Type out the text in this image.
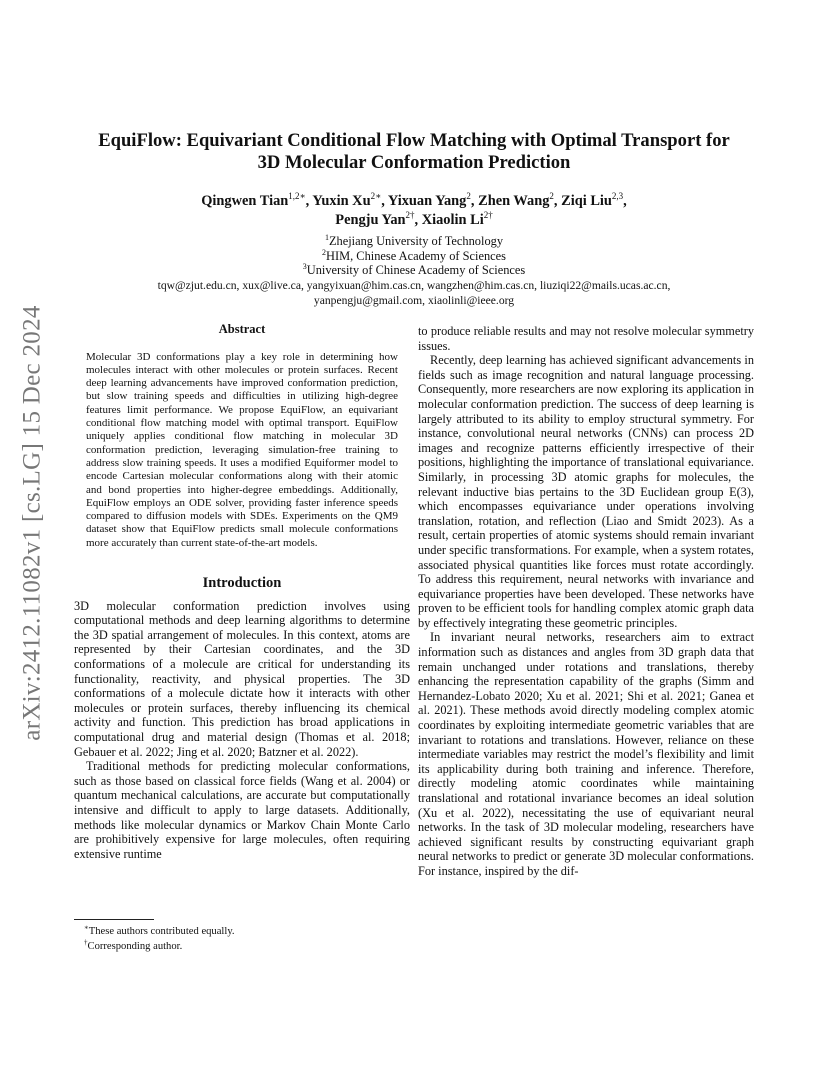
arXiv:2412.11082v1 [cs.LG] 15 Dec 2024
EquiFlow: Equivariant Conditional Flow Matching with Optimal Transport for
3D Molecular Conformation Prediction
Qingwen Tian$^{1,2∗}$, Yuxin $Xu^{2∗}$, Yixuan Yang$^2$, Zhen Wang$^2$, Ziqi Liu$^{2,3}$,
Pengju Yan$^{2\dagger}$, Xiaolin $Li^{2\dagger}$
$^1$Zhejiang University of Technology
$^2$HIM, Chinese Academy of Sciences
$^3$University of Chinese Academy of Sciences
tqw@zjut.edu.cn, xux@live.ca, yangyixuan@him.cas.cn, wangzhen@him.cas.cn, liuziqi22@mails.ucas.ac.cn,
yanpengju@gmail.com, xiaolinli@ieee.org
Abstract

Molecular 3D conformations play a key role in determining how molecules interact with other molecules or protein surfaces. Recent deep learning advancements have improved conformation prediction, but slow training speeds and difficulties in utilizing high-degree features limit performance. We propose EquiFlow, an equivariant conditional flow matching model with optimal transport. EquiFlow uniquely applies conditional flow matching in molecular 3D conformation prediction, leveraging simulation-free training to address slow training speeds. It uses a modified Equiformer model to encode Cartesian molecular conformations along with their atomic and bond properties into higher-degree embeddings. Additionally, EquiFlow employs an ODE solver, providing faster inference speeds compared to diffusion models with SDEs. Experiments on the QM9 dataset show that EquiFlow predicts small molecule conformations more accurately than current state-of-the-art models.

Introduction

3D molecular conformation prediction involves using computational methods and deep learning algorithms to determine the 3D spatial arrangement of molecules. In this context, atoms are represented by their Cartesian coordinates, and the 3D conformations of a molecule are critical for understanding its functionality, reactivity, and physical properties. The 3D conformations of a molecule dictate how it interacts with other molecules or protein surfaces, thereby influencing its chemical activity and function. This prediction has broad applications in computational drug and material design (Thomas et al. 2018; Gebauer et al. 2022; Jing et al. 2020; Batzner et al. 2022).

Traditional methods for predicting molecular conformations, such as those based on classical force fields (Wang et al. 2004) or quantum mechanical calculations, are accurate but computationally intensive and difficult to apply to large datasets. Additionally, methods like molecular dynamics or Markov Chain Monte Carlo are prohibitively expensive for large molecules, often requiring extensive runtime

to produce reliable results and may not resolve molecular symmetry issues.

Recently, deep learning has achieved significant advancements in fields such as image recognition and natural language processing. Consequently, more researchers are now exploring its application in molecular conformation prediction. The success of deep learning is largely attributed to its ability to employ structural symmetry. For instance, convolutional neural networks (CNNs) can process 2D images and recognize patterns efficiently irrespective of their positions, highlighting the importance of translational equivariance. Similarly, in processing 3D atomic graphs for molecules, the relevant inductive bias pertains to the 3D Euclidean group E(3), which encompasses equivariance under operations involving translation, rotation, and reflection (Liao and Smidt 2023). As a result, certain properties of atomic systems should remain invariant under specific transformations. For example, when a system rotates, associated physical quantities like forces must rotate accordingly. To address this requirement, neural networks with invariance and equivariance properties have been developed. These networks have proven to be efficient tools for handling complex atomic graph data by effectively integrating these geometric principles.

In invariant neural networks, researchers aim to extract information such as distances and angles from 3D graph data that remain unchanged under rotations and translations, thereby enhancing the representation capability of the graphs (Simm and Hernandez-Lobato 2020; Xu et al. 2021; Shi et al. 2021; Ganea et al. 2021). These methods avoid directly modeling complex atomic coordinates by exploiting intermediate geometric variables that are invariant to rotations and translations. However, reliance on these intermediate variables may restrict the model’s flexibility and limit its applicability during both training and inference. Therefore, directly modeling atomic coordinates while maintaining translational and rotational invariance becomes an ideal solution (Xu et al. 2022), necessitating the use of equivariant neural networks. In the task of 3D molecular modeling, researchers have achieved significant results by constructing equivariant graph neural networks to predict or generate 3D molecular conformations. For instance, inspired by the dif-

∗These authors contributed equally.
†Corresponding author.
